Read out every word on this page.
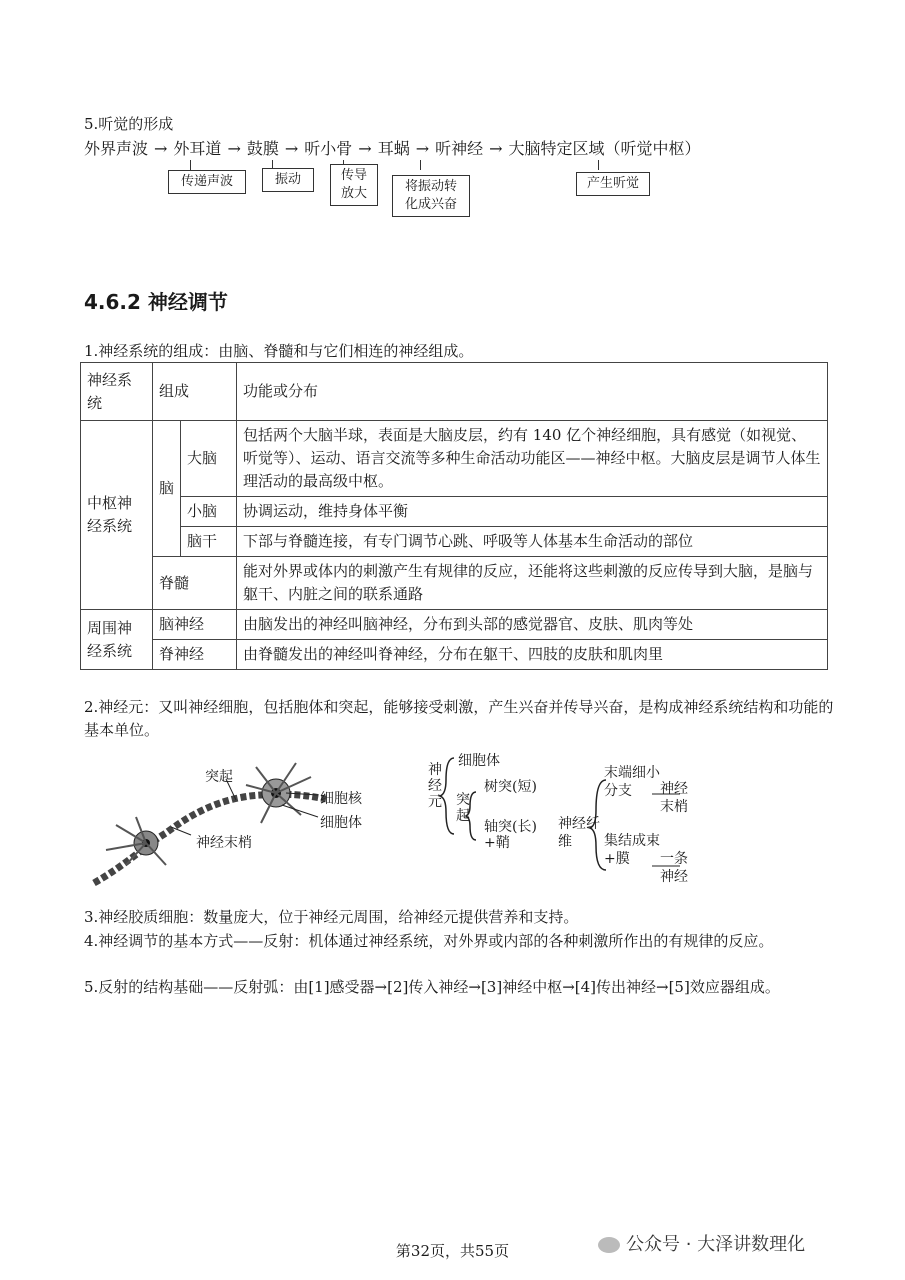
5.听觉的形成
外界声波 → 外耳道 → 鼓膜 → 听小骨 → 耳蜗 → 听神经 → 大脑特定区域（听觉中枢）
传递声波	振动	传导
放大	将振动转
化成兴奋
产生听觉
4.6.2 神经调节
1.神经系统的组成：由脑、脊髓和与它们相连的神经组成。
神经系统	组成		功能或分布
中枢神经系统	脑	大脑	包括两个大脑半球，表面是大脑皮层，约有 140 亿个神经细胞，具有感觉（如视觉、听觉等）、运动、语言交流等多种生命活动功能区——神经中枢。大脑皮层是调节人体生理活动的最高级中枢。
		小脑	协调运动，维持身体平衡
		脑干	下部与脊髓连接，有专门调节心跳、呼吸等人体基本生命活动的部位
	脊髓		能对外界或体内的刺激产生有规律的反应，还能将这些刺激的反应传导到大脑，是脑与躯干、内脏之间的联系通路
周围神经系统	脑神经		由脑发出的神经叫脑神经，分布到头部的感觉器官、皮肤、肌肉等处
	脊神经		由脊髓发出的神经叫脊神经，分布在躯干、四肢的皮肤和肌肉里
2.神经元：又叫神经细胞，包括胞体和突起，能够接受刺激，产生兴奋并传导兴奋，是构成神经系统结构和功能的基本单位。
突起
细胞核
细胞体
神经末梢
神经元
细胞体
突起
树突(短)
轴突(长)
+鞘
神经纤维
末端细小分支	神经末梢
集结成束+膜	一条神经
3.神经胶质细胞：数量庞大，位于神经元周围，给神经元提供营养和支持。
4.神经调节的基本方式——反射：机体通过神经系统，对外界或内部的各种刺激所作出的有规律的反应。
5.反射的结构基础——反射弧：由[1]感受器→[2]传入神经→[3]神经中枢→[4]传出神经→[5]效应器组成。
第32页，共55页	公众号 · 大泽讲数理化
